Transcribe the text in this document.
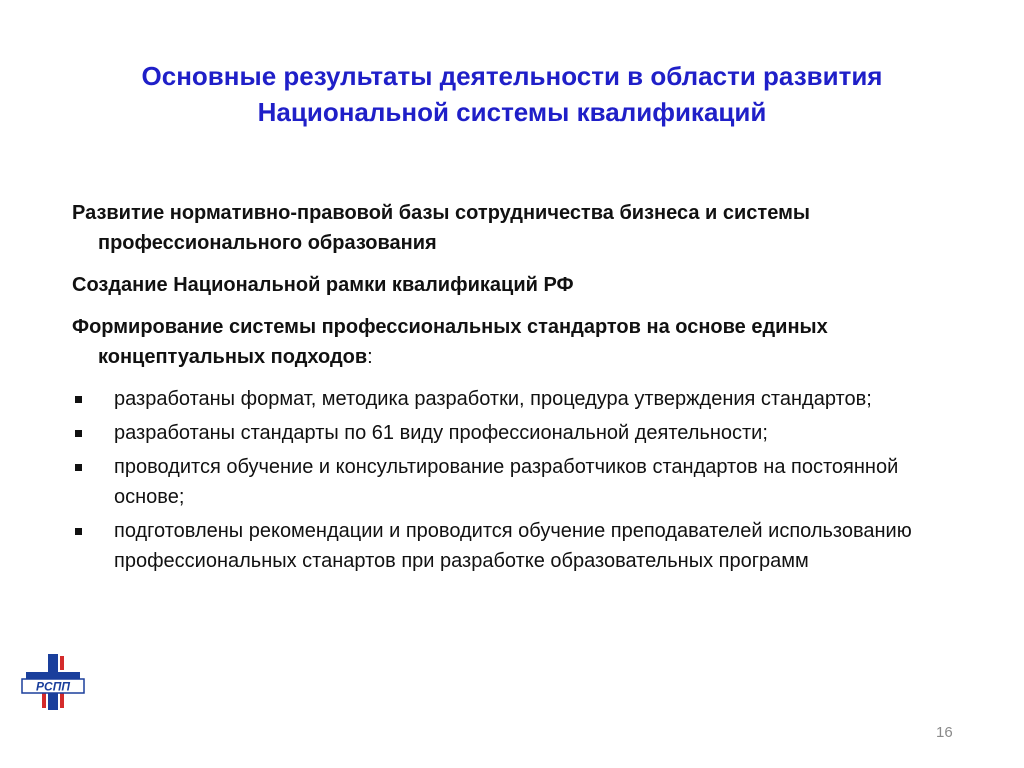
Основные результаты деятельности в области развития
Национальной системы квалификаций
Развитие нормативно-правовой базы сотрудничества бизнеса и системы профессионального образования
Создание Национальной рамки квалификаций РФ
Формирование системы профессиональных стандартов на основе единых концептуальных подходов:
разработаны формат, методика разработки, процедура утверждения стандартов;
разработаны стандарты по 61 виду профессиональной деятельности;
проводится обучение и консультирование разработчиков стандартов на постоянной основе;
подготовлены рекомендации и проводится обучение преподавателей использованию профессиональных станартов при разработке образовательных программ
РСПП
16
